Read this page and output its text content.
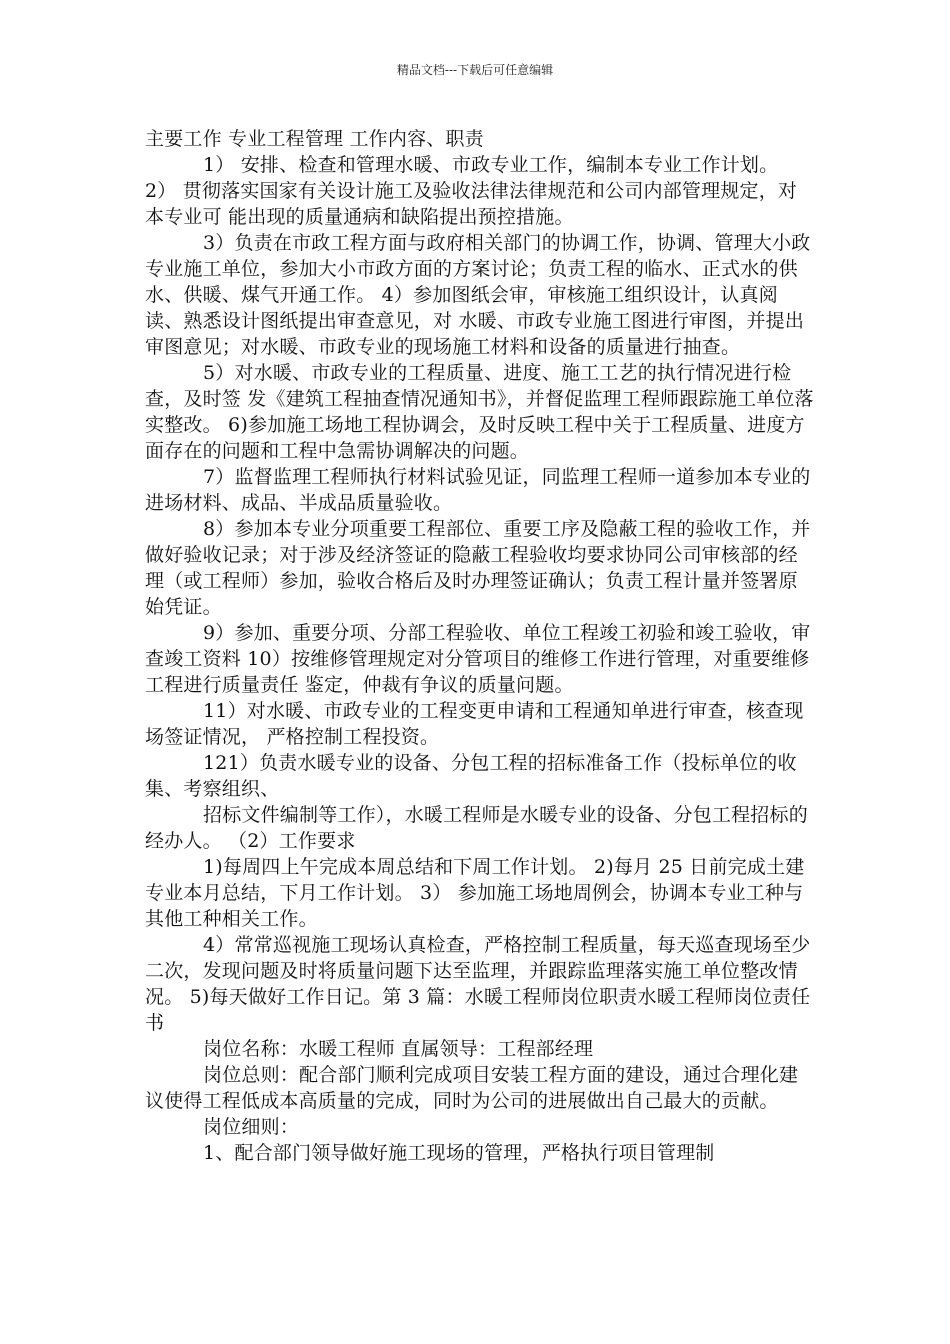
精品文档---下载后可任意编辑

主要工作 专业工程管理 工作内容、职责

1） 安排、检查和管理水暖、市政专业工作，编制本专业工作计划。 2） 贯彻落实国家有关设计施工及验收法律法律规范和公司内部管理规定，对本专业可 能出现的质量通病和缺陷提出预控措施。

3）负责在市政工程方面与政府相关部门的协调工作，协调、管理大小政专业施工单位，参加大小市政方面的方案讨论；负责工程的临水、正式水的供水、供暖、煤气开通工作。 4）参加图纸会审，审核施工组织设计，认真阅读、熟悉设计图纸提出审查意见，对 水暖、市政专业施工图进行审图，并提出审图意见；对水暖、市政专业的现场施工材料和设备的质量进行抽查。

5）对水暖、市政专业的工程质量、进度、施工工艺的执行情况进行检查，及时签 发《建筑工程抽查情况通知书》，并督促监理工程师跟踪施工单位落实整改。 6)参加施工场地工程协调会，及时反映工程中关于工程质量、进度方面存在的问题和工程中急需协调解决的问题。

7）监督监理工程师执行材料试验见证，同监理工程师一道参加本专业的进场材料、成品、半成品质量验收。

8）参加本专业分项重要工程部位、重要工序及隐蔽工程的验收工作，并做好验收记录；对于涉及经济签证的隐蔽工程验收均要求协同公司审核部的经理（或工程师）参加，验收合格后及时办理签证确认；负责工程计量并签署原始凭证。

9）参加、重要分项、分部工程验收、单位工程竣工初验和竣工验收，审查竣工资料 10）按维修管理规定对分管项目的维修工作进行管理，对重要维修工程进行质量责任 鉴定，仲裁有争议的质量问题。

11）对水暖、市政专业的工程变更申请和工程通知单进行审查，核查现场签证情况， 严格控制工程投资。

121）负责水暖专业的设备、分包工程的招标准备工作（投标单位的收集、考察组织、

招标文件编制等工作），水暖工程师是水暖专业的设备、分包工程招标的经办人。 （2）工作要求

1)每周四上午完成本周总结和下周工作计划。 2)每月 25 日前完成土建专业本月总结，下月工作计划。 3） 参加施工场地周例会，协调本专业工种与其他工种相关工作。

4）常常巡视施工现场认真检查，严格控制工程质量，每天巡查现场至少二次，发现问题及时将质量问题下达至监理，并跟踪监理落实施工单位整改情况。 5)每天做好工作日记。第 3 篇：水暖工程师岗位职责水暖工程师岗位责任书

岗位名称：水暖工程师 直属领导：工程部经理

岗位总则：配合部门顺利完成项目安装工程方面的建设，通过合理化建议使得工程低成本高质量的完成，同时为公司的进展做出自己最大的贡献。

岗位细则：

1、配合部门领导做好施工现场的管理，严格执行项目管理制
